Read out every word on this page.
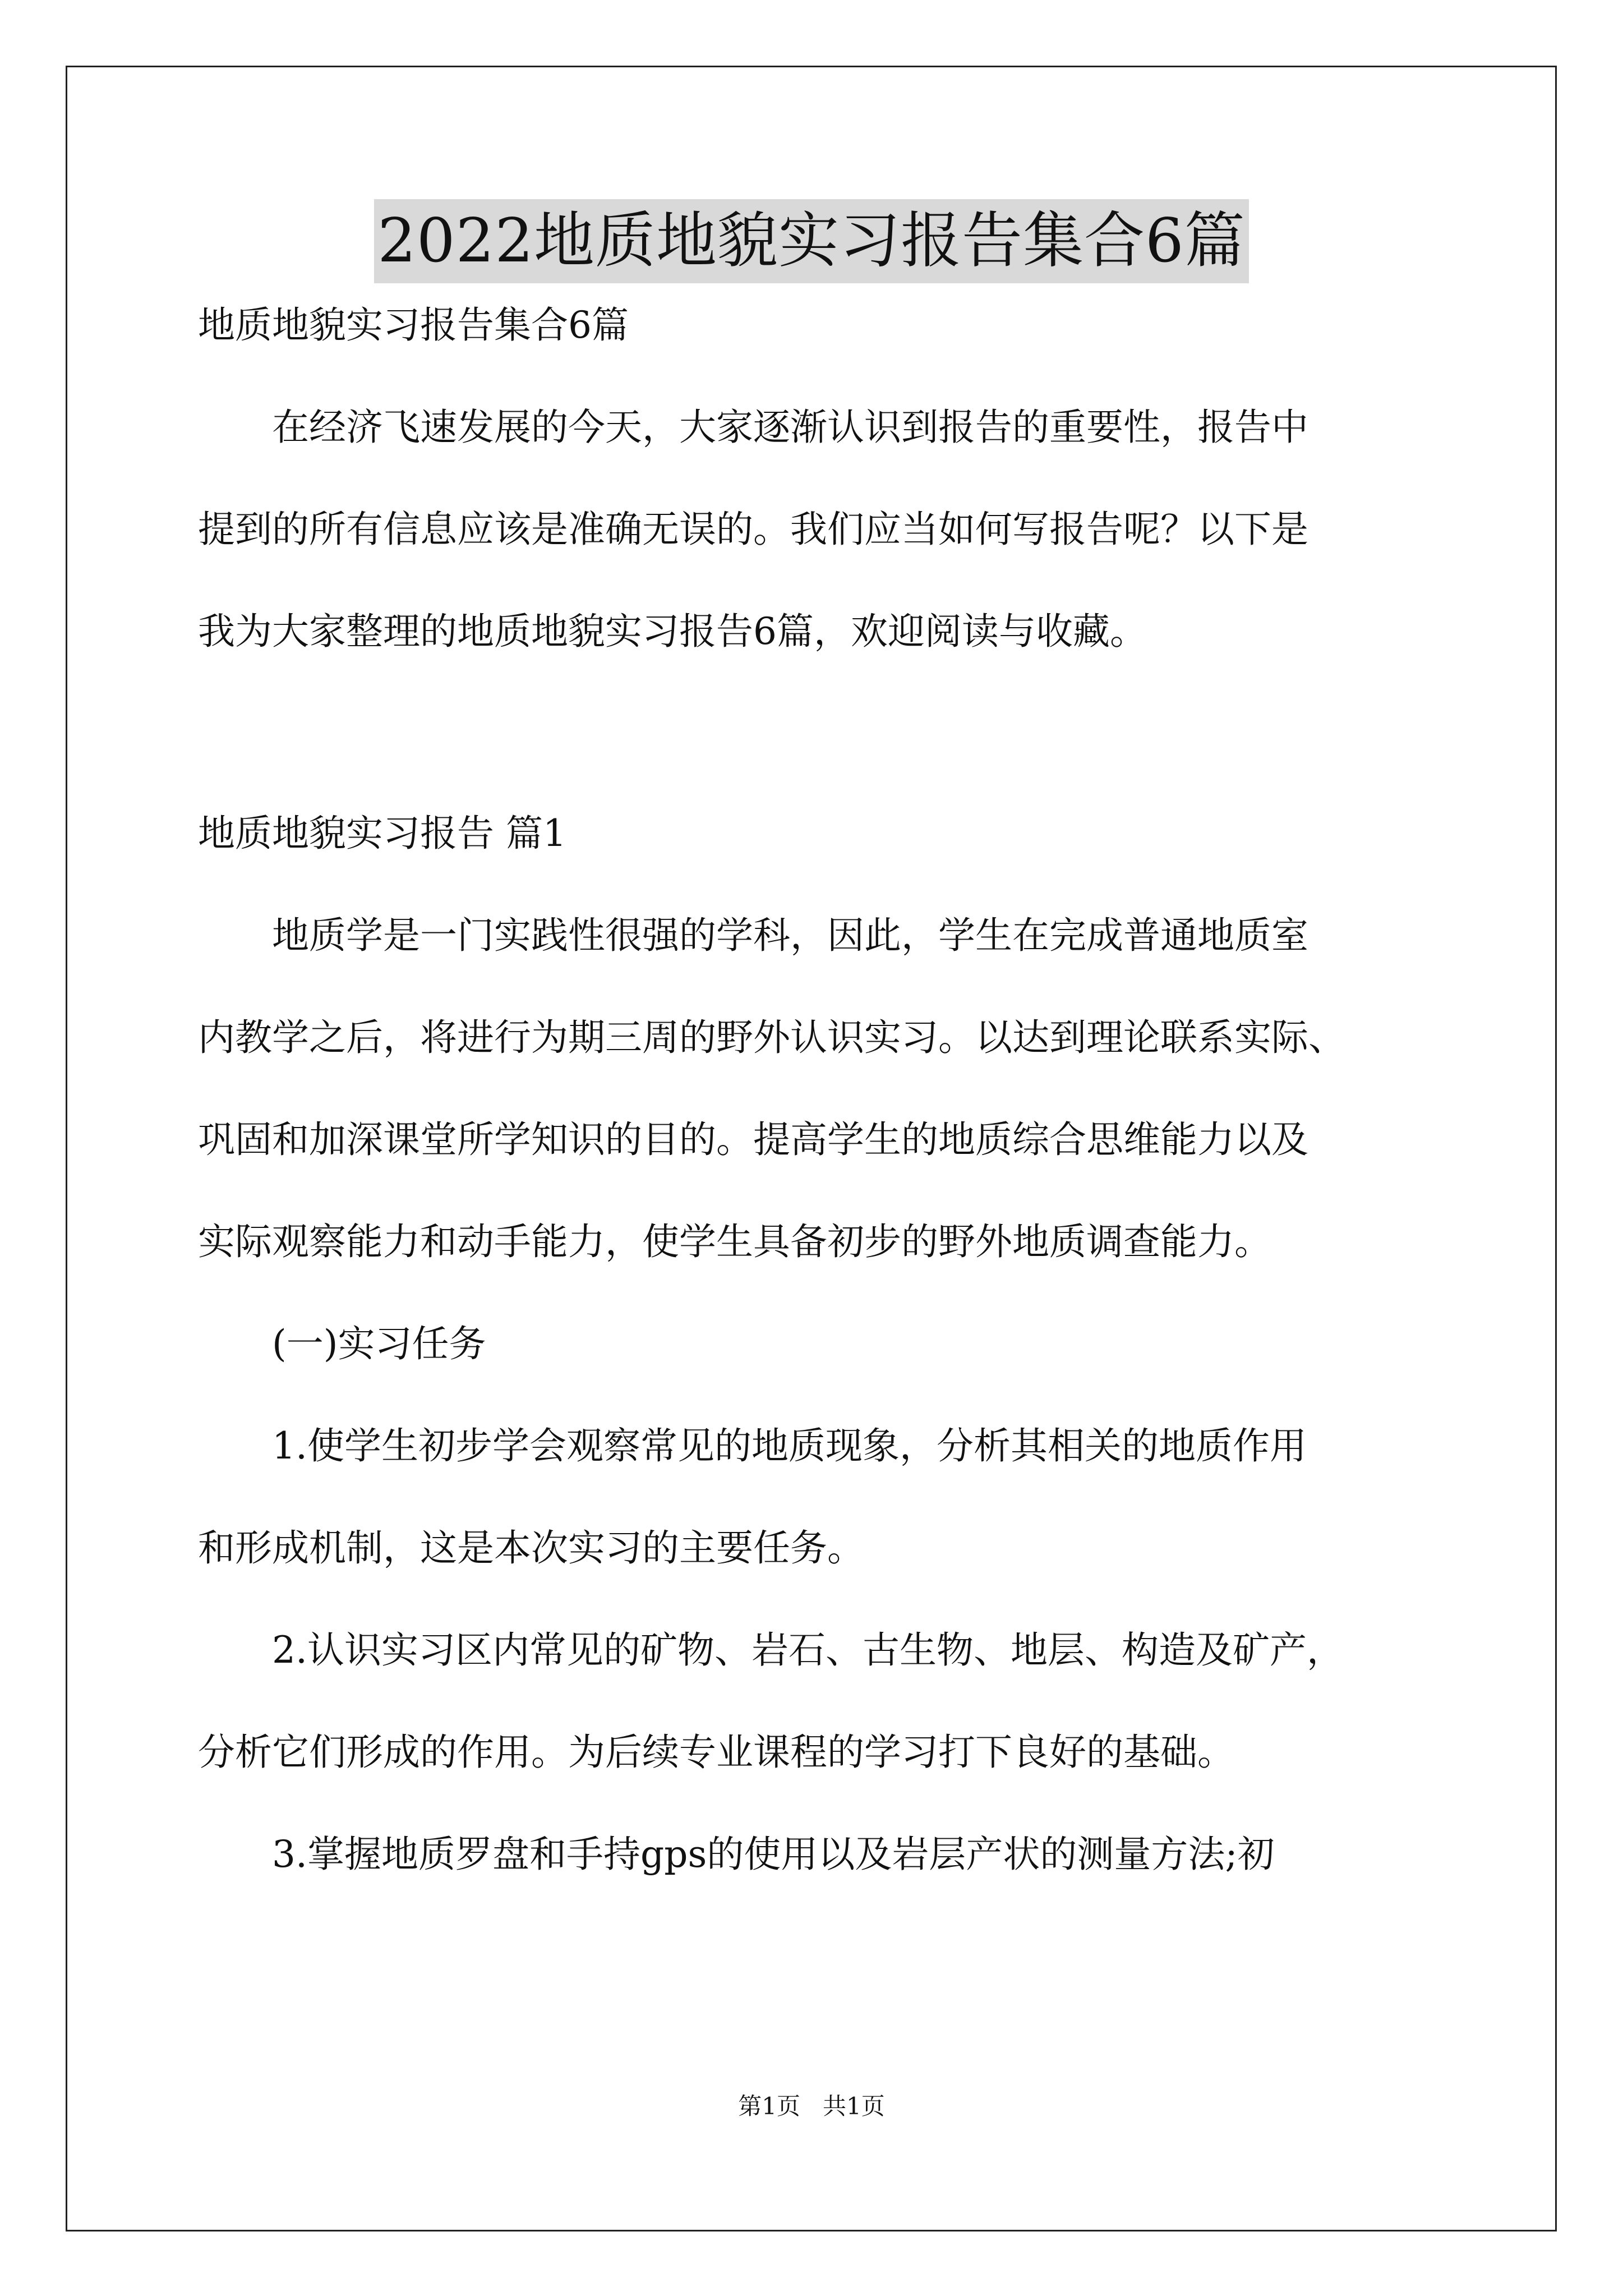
2022地质地貌实习报告集合6篇
地质地貌实习报告集合6篇
在经济飞速发展的今天，大家逐渐认识到报告的重要性，报告中
提到的所有信息应该是准确无误的。我们应当如何写报告呢？以下是
我为大家整理的地质地貌实习报告6篇，欢迎阅读与收藏。
地质地貌实习报告 篇1
地质学是一门实践性很强的学科，因此，学生在完成普通地质室
内教学之后，将进行为期三周的野外认识实习。以达到理论联系实际、
巩固和加深课堂所学知识的目的。提高学生的地质综合思维能力以及
实际观察能力和动手能力，使学生具备初步的野外地质调查能力。
(一)实习任务
1.使学生初步学会观察常见的地质现象，分析其相关的地质作用
和形成机制，这是本次实习的主要任务。
2.认识实习区内常见的矿物、岩石、古生物、地层、构造及矿产，
分析它们形成的作用。为后续专业课程的学习打下良好的基础。
3.掌握地质罗盘和手持gps的使用以及岩层产状的测量方法;初
第1页   共1页
